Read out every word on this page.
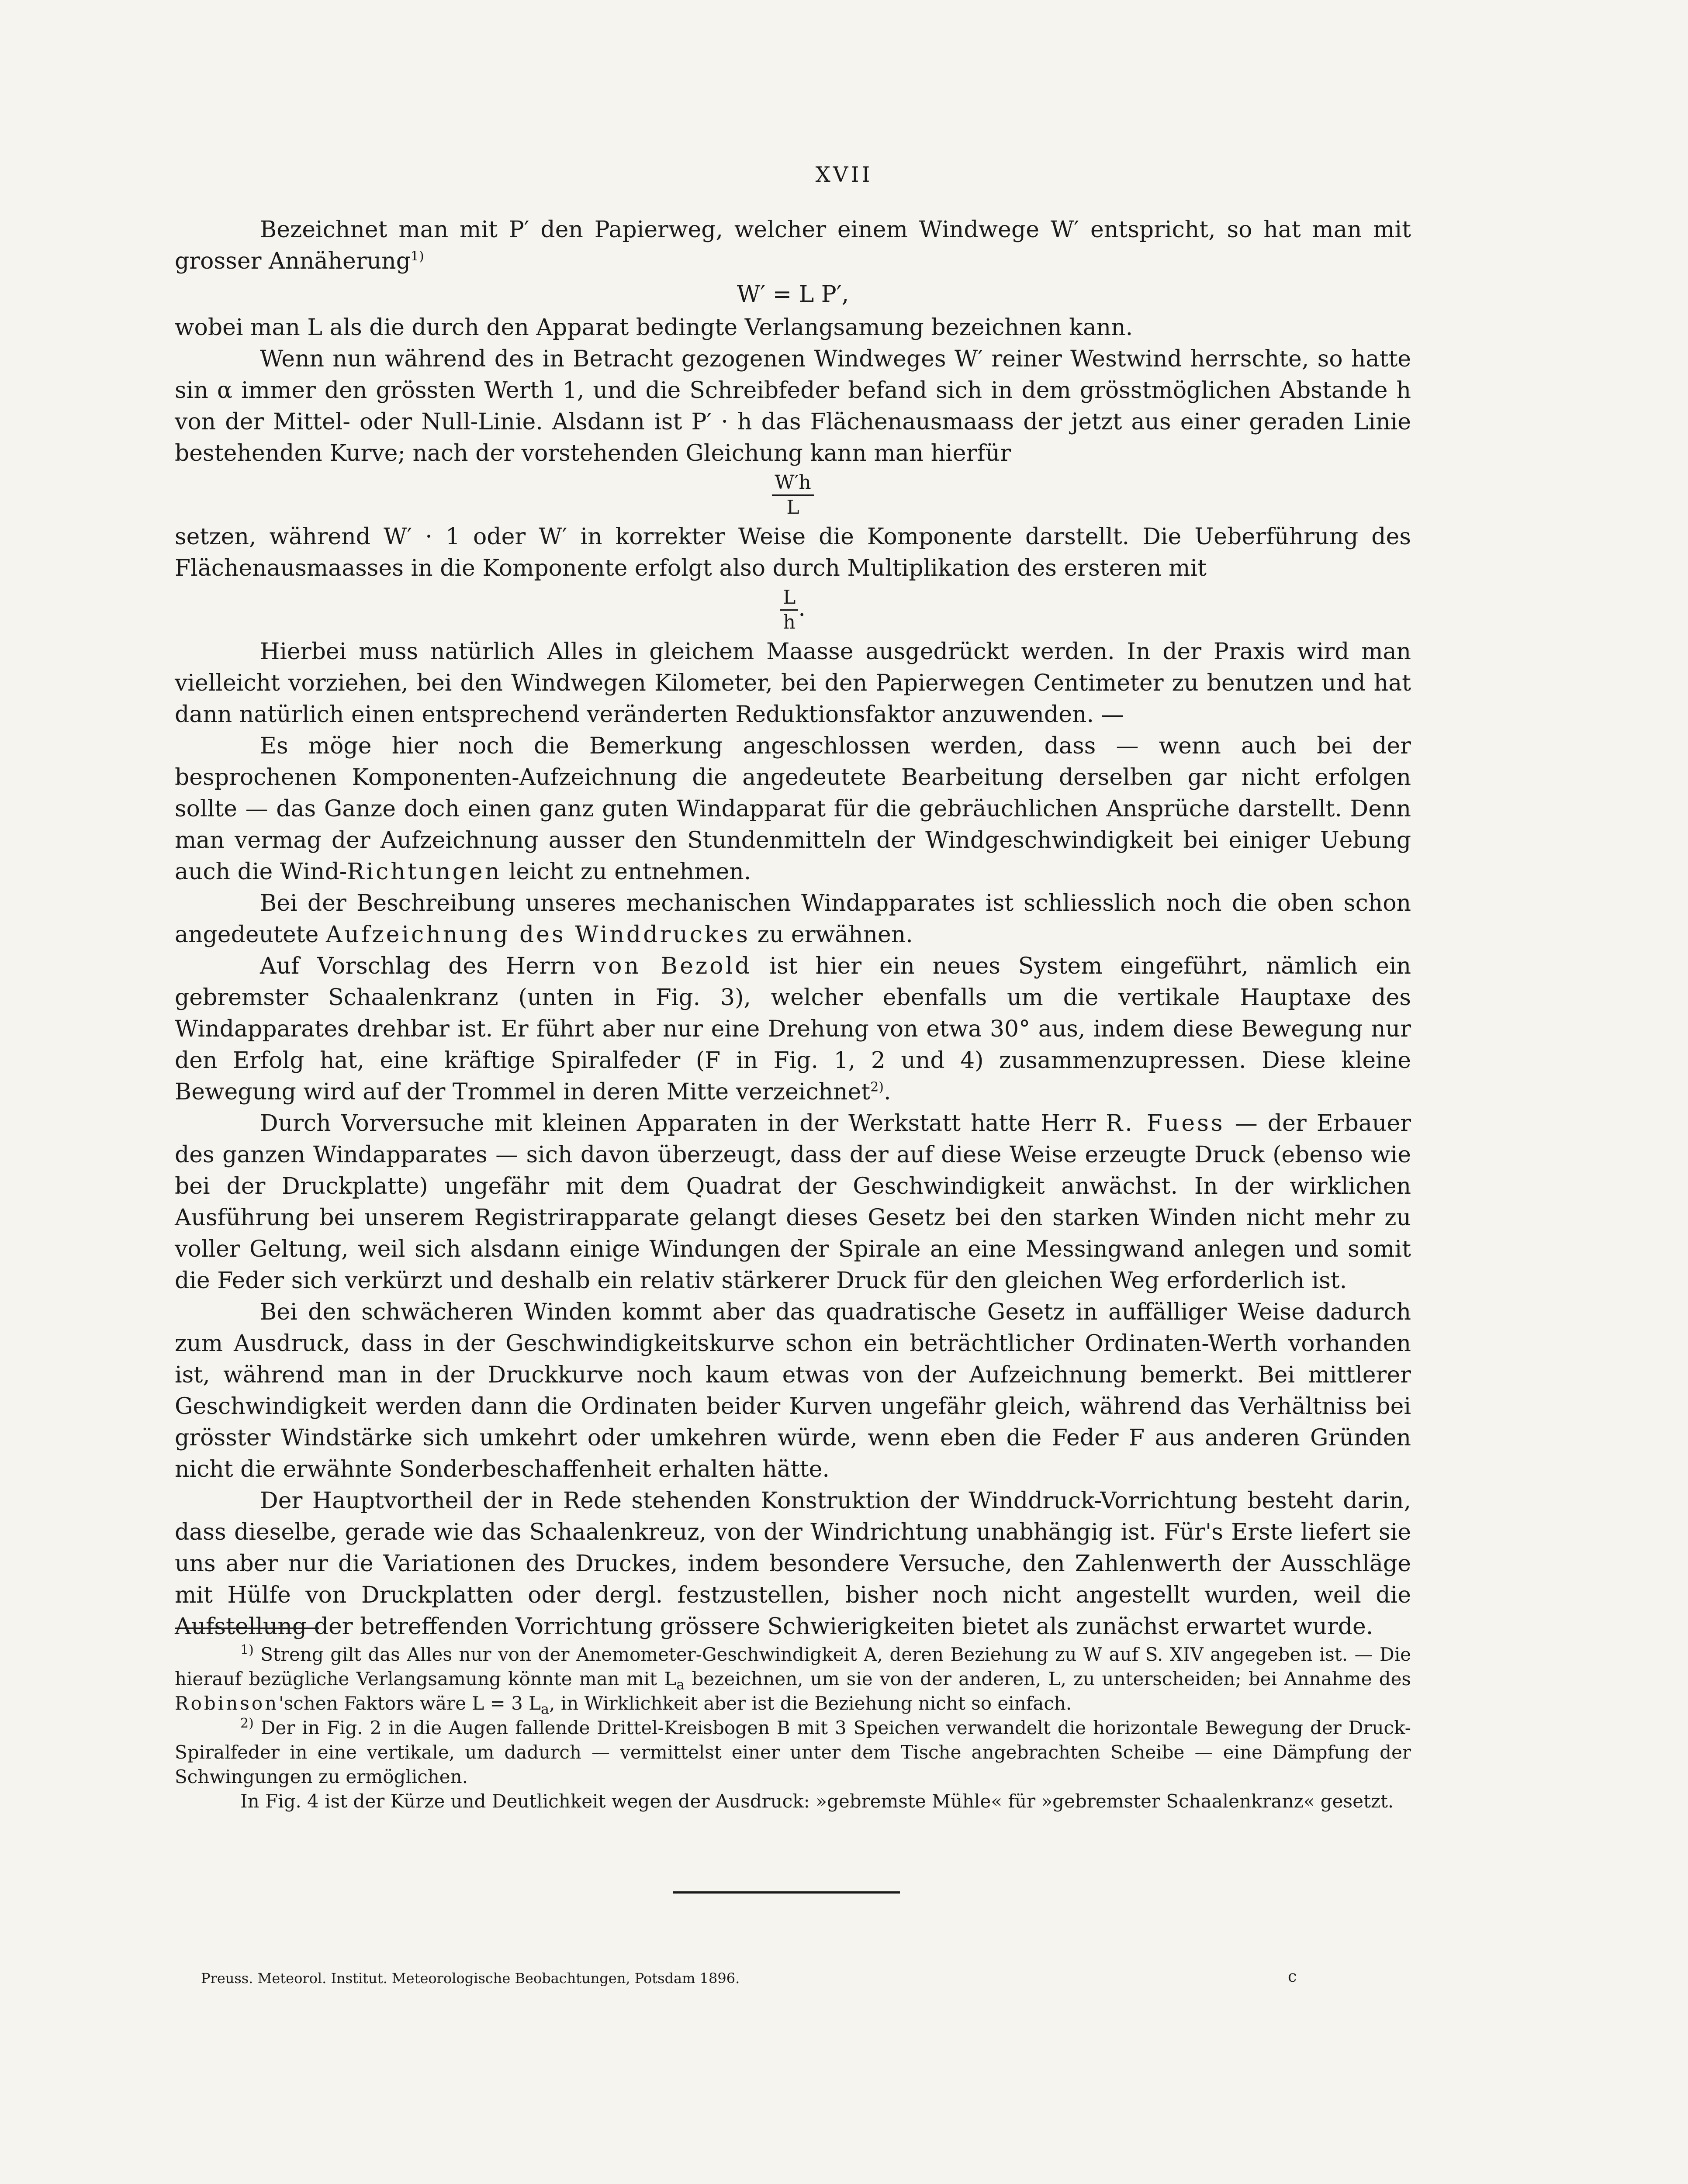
XVII

Bezeichnet man mit P′ den Papierweg, welcher einem Windwege W′ entspricht, so hat man mit grosser Annäherung$^{1)}$

W′ = L P′,

wobei man L als die durch den Apparat bedingte Verlangsamung bezeichnen kann.

Wenn nun während des in Betracht gezogenen Windweges W′ reiner Westwind herrschte, so hatte sin α immer den grössten Werth 1, und die Schreibfeder befand sich in dem grösstmöglichen Abstande h von der Mittel- oder Null-Linie. Alsdann ist P′ · h das Flächenausmaass der jetzt aus einer geraden Linie bestehenden Kurve; nach der vorstehenden Gleichung kann man hierfür

$\frac{W'h}{L}$

setzen, während W′ · 1 oder W′ in korrekter Weise die Komponente darstellt. Die Ueberführung des Flächenausmaasses in die Komponente erfolgt also durch Multiplikation des ersteren mit

$\frac{L}{h}$ .

Hierbei muss natürlich Alles in gleichem Maasse ausgedrückt werden. In der Praxis wird man vielleicht vorziehen, bei den Windwegen Kilometer, bei den Papierwegen Centimeter zu benutzen und hat dann natürlich einen entsprechend veränderten Reduktionsfaktor anzuwenden. —

Es möge hier noch die Bemerkung angeschlossen werden, dass — wenn auch bei der besprochenen Komponenten-Aufzeichnung die angedeutete Bearbeitung derselben gar nicht erfolgen sollte — das Ganze doch einen ganz guten Windapparat für die gebräuchlichen Ansprüche darstellt. Denn man vermag der Aufzeichnung ausser den Stundenmitteln der Windgeschwindigkeit bei einiger Uebung auch die Wind-Richtungen leicht zu entnehmen.

Bei der Beschreibung unseres mechanischen Windapparates ist schliesslich noch die oben schon angedeutete Aufzeichnung des Winddruckes zu erwähnen.

Auf Vorschlag des Herrn von Bezold ist hier ein neues System eingeführt, nämlich ein gebremster Schaalenkranz (unten in Fig. 3), welcher ebenfalls um die vertikale Hauptaxe des Windapparates drehbar ist. Er führt aber nur eine Drehung von etwa 30° aus, indem diese Bewegung nur den Erfolg hat, eine kräftige Spiralfeder (F in Fig. 1, 2 und 4) zusammenzupressen. Diese kleine Bewegung wird auf der Trommel in deren Mitte verzeichnet$^{2)}$.

Durch Vorversuche mit kleinen Apparaten in der Werkstatt hatte Herr R. Fuess — der Erbauer des ganzen Windapparates — sich davon überzeugt, dass der auf diese Weise erzeugte Druck (ebenso wie bei der Druckplatte) ungefähr mit dem Quadrat der Geschwindigkeit anwächst. In der wirklichen Ausführung bei unserem Registrirapparate gelangt dieses Gesetz bei den starken Winden nicht mehr zu voller Geltung, weil sich alsdann einige Windungen der Spirale an eine Messingwand anlegen und somit die Feder sich verkürzt und deshalb ein relativ stärkerer Druck für den gleichen Weg erforderlich ist.

Bei den schwächeren Winden kommt aber das quadratische Gesetz in auffälliger Weise dadurch zum Ausdruck, dass in der Geschwindigkeitskurve schon ein beträchtlicher Ordinaten-Werth vorhanden ist, während man in der Druckkurve noch kaum etwas von der Aufzeichnung bemerkt. Bei mittlerer Geschwindigkeit werden dann die Ordinaten beider Kurven ungefähr gleich, während das Verhältniss bei grösster Windstärke sich umkehrt oder umkehren würde, wenn eben die Feder F aus anderen Gründen nicht die erwähnte Sonderbeschaffenheit erhalten hätte.

Der Hauptvortheil der in Rede stehenden Konstruktion der Winddruck-Vorrichtung besteht darin, dass dieselbe, gerade wie das Schaalenkreuz, von der Windrichtung unabhängig ist. Für's Erste liefert sie uns aber nur die Variationen des Druckes, indem besondere Versuche, den Zahlenwerth der Ausschläge mit Hülfe von Druckplatten oder dergl. festzustellen, bisher noch nicht angestellt wurden, weil die Aufstellung der betreffenden Vorrichtung grössere Schwierigkeiten bietet als zunächst erwartet wurde.

$^{1)}$ Streng gilt das Alles nur von der Anemometer-Geschwindigkeit A, deren Beziehung zu W auf S. XIV angegeben ist. — Die hierauf bezügliche Verlangsamung könnte man mit $L_a$ bezeichnen, um sie von der anderen, L, zu unterscheiden; bei Annahme des Robinson'schen Faktors wäre L = 3 $L_a$, in Wirklichkeit aber ist die Beziehung nicht so einfach.

$^{2)}$ Der in Fig. 2 in die Augen fallende Drittel-Kreisbogen B mit 3 Speichen verwandelt die horizontale Bewegung der Druck-Spiralfeder in eine vertikale, um dadurch — vermittelst einer unter dem Tische angebrachten Scheibe — eine Dämpfung der Schwingungen zu ermöglichen.

In Fig. 4 ist der Kürze und Deutlichkeit wegen der Ausdruck: »gebremste Mühle« für »gebremster Schaalenkranz« gesetzt.

Preuss. Meteorol. Institut. Meteorologische Beobachtungen, Potsdam 1896.	c
